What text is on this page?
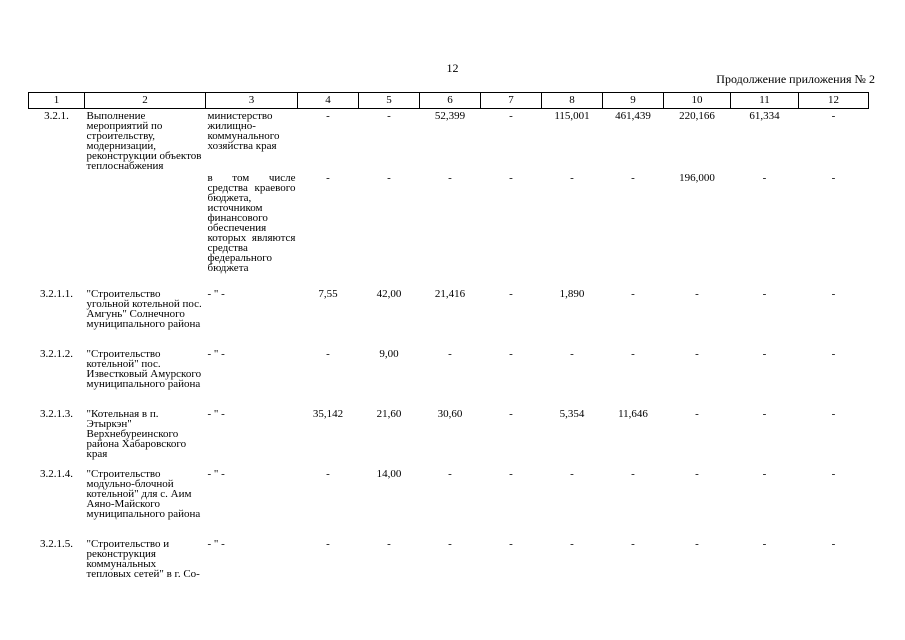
12
Продолжение приложения № 2
1	2	3	4	5	6	7	8	9	10	11	12
3.2.1.	Выполнение мероприятий по строительству, модернизации, реконструкции объектов теплоснабжения	министерство жилищно-коммунального хозяйства края	-	-	52,399	-	115,001	461,439	220,166	61,334	-
		в том числе средства краевого бюджета, источником финансового обеспечения которых являются средства федерального бюджета	-	-	-	-	-	-	196,000	-	-
3.2.1.1.	"Строительство угольной котельной пос. Амгунь" Солнечного муниципального района	- " -	7,55	42,00	21,416	-	1,890	-	-	-	-
3.2.1.2.	"Строительство котельной" пос. Известковый Амурского муниципального района	- " -	-	9,00	-	-	-	-	-	-	-
3.2.1.3.	"Котельная в п. Этыркэн" Верхнебуреинского района Хабаровского края	- " -	35,142	21,60	30,60	-	5,354	11,646	-	-	-
3.2.1.4.	"Строительство модульно-блочной котельной" для с. Аим Аяно-Майского муниципального района	- " -	-	14,00	-	-	-	-	-	-	-
3.2.1.5.	"Строительство и реконструкция коммунальных тепловых сетей" в г. Со-	- " -	-	-	-	-	-	-	-	-	-
